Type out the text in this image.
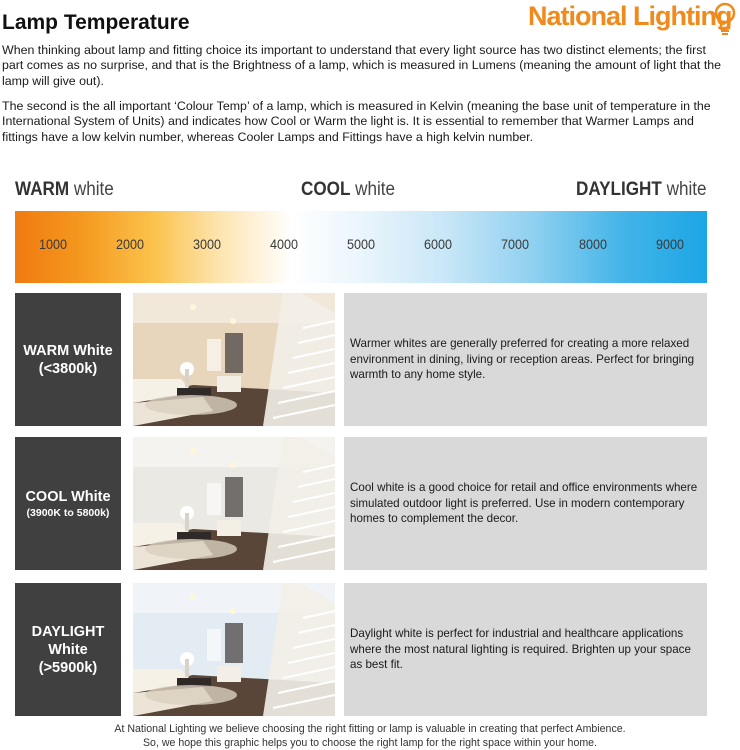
Lamp Temperature	National Lighting
When thinking about lamp and fitting choice its important to understand that every light source has two distinct elements; the first part comes as no surprise, and that is the Brightness of a lamp, which is measured in Lumens (meaning the amount of light that the lamp will give out).
The second is the all important ‘Colour Temp’ of a lamp, which is measured in Kelvin (meaning the base unit of temperature in the International System of Units) and indicates how Cool or Warm the light is. It is essential to remember that Warmer Lamps and fittings have a low kelvin number, whereas Cooler Lamps and Fittings have a high kelvin number.
WARM white	COOL white	DAYLIGHT white
1000	2000	3000	4000	5000	6000	7000	8000	9000
WARM White
(<3800k)
Warmer whites are generally preferred for creating a more relaxed environment in dining, living or reception areas. Perfect for bringing warmth to any home style.
COOL White
(3900K to 5800k)
Cool white is a good choice for retail and office environments where simulated outdoor light is preferred. Use in modern contemporary homes to complement the decor.
DAYLIGHT
White
(>5900k)
Daylight white is perfect for industrial and healthcare applications where the most natural lighting is required. Brighten up your space as best fit.
At National Lighting we believe choosing the right fitting or lamp is valuable in creating that perfect Ambience.
So, we hope this graphic helps you to choose the right lamp for the right space within your home.
